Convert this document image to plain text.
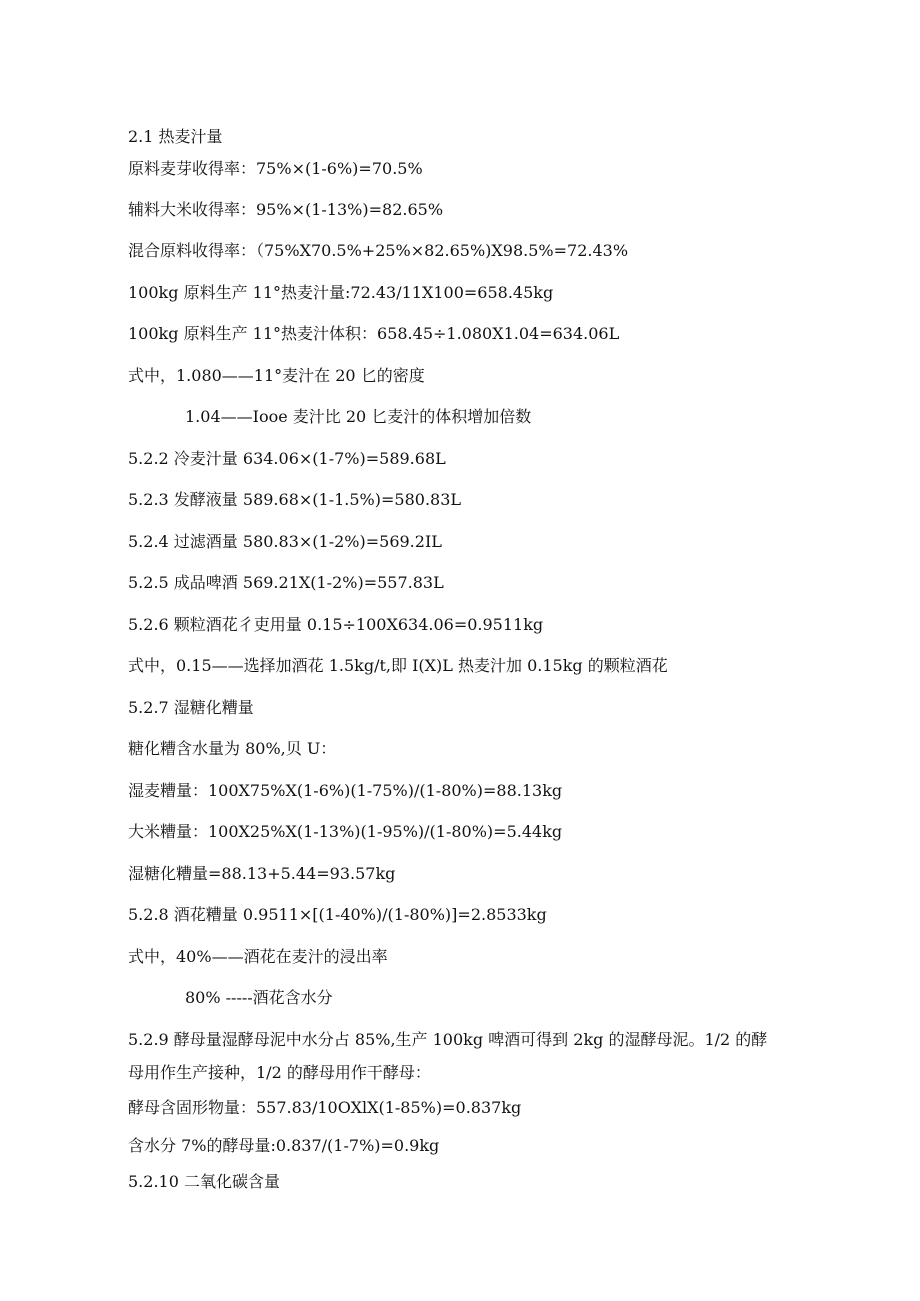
2.1 热麦汁量
原料麦芽收得率：75%×(1-6%)=70.5%
辅料大米收得率：95%×(1-13%)=82.65%
混合原料收得率：（75%X70.5%+25%×82.65%)X98.5%=72.43%
100kg 原料生产 11°热麦汁量:72.43/11X100=658.45kg
100kg 原料生产 11°热麦汁体积：658.45÷1.080X1.04=634.06L
式中，1.080——11°麦汁在 20 匕的密度
1.04——Iooe 麦汁比 20 匕麦汁的体积增加倍数
5.2.2 冷麦汁量 634.06×(1-7%)=589.68L
5.2.3 发酵液量 589.68×(1-1.5%)=580.83L
5.2.4 过滤酒量 580.83×(1-2%)=569.2IL
5.2.5 成品啤酒 569.21X(1-2%)=557.83L
5.2.6 颗粒酒花彳吏用量 0.15÷100X634.06=0.9511kg
式中，0.15——选择加酒花 1.5kg/t,即 I(X)L 热麦汁加 0.15kg 的颗粒酒花
5.2.7 湿糖化糟量
糖化糟含水量为 80%,贝 U：
湿麦糟量：100X75%X(1-6%)(1-75%)/(1-80%)=88.13kg
大米糟量：100X25%X(1-13%)(1-95%)/(1-80%)=5.44kg
湿糖化糟量=88.13+5.44=93.57kg
5.2.8 酒花糟量 0.9511×[(1-40%)/(1-80%)]=2.8533kg
式中，40%——酒花在麦汁的浸出率
80% -----酒花含水分
5.2.9 酵母量湿酵母泥中水分占 85%,生产 100kg 啤酒可得到 2kg 的湿酵母泥。1/2 的酵
母用作生产接种，1/2 的酵母用作干酵母：
酵母含固形物量：557.83/10OXlX(1-85%)=0.837kg
含水分 7%的酵母量:0.837/(1-7%)=0.9kg
5.2.10 二氧化碳含量
